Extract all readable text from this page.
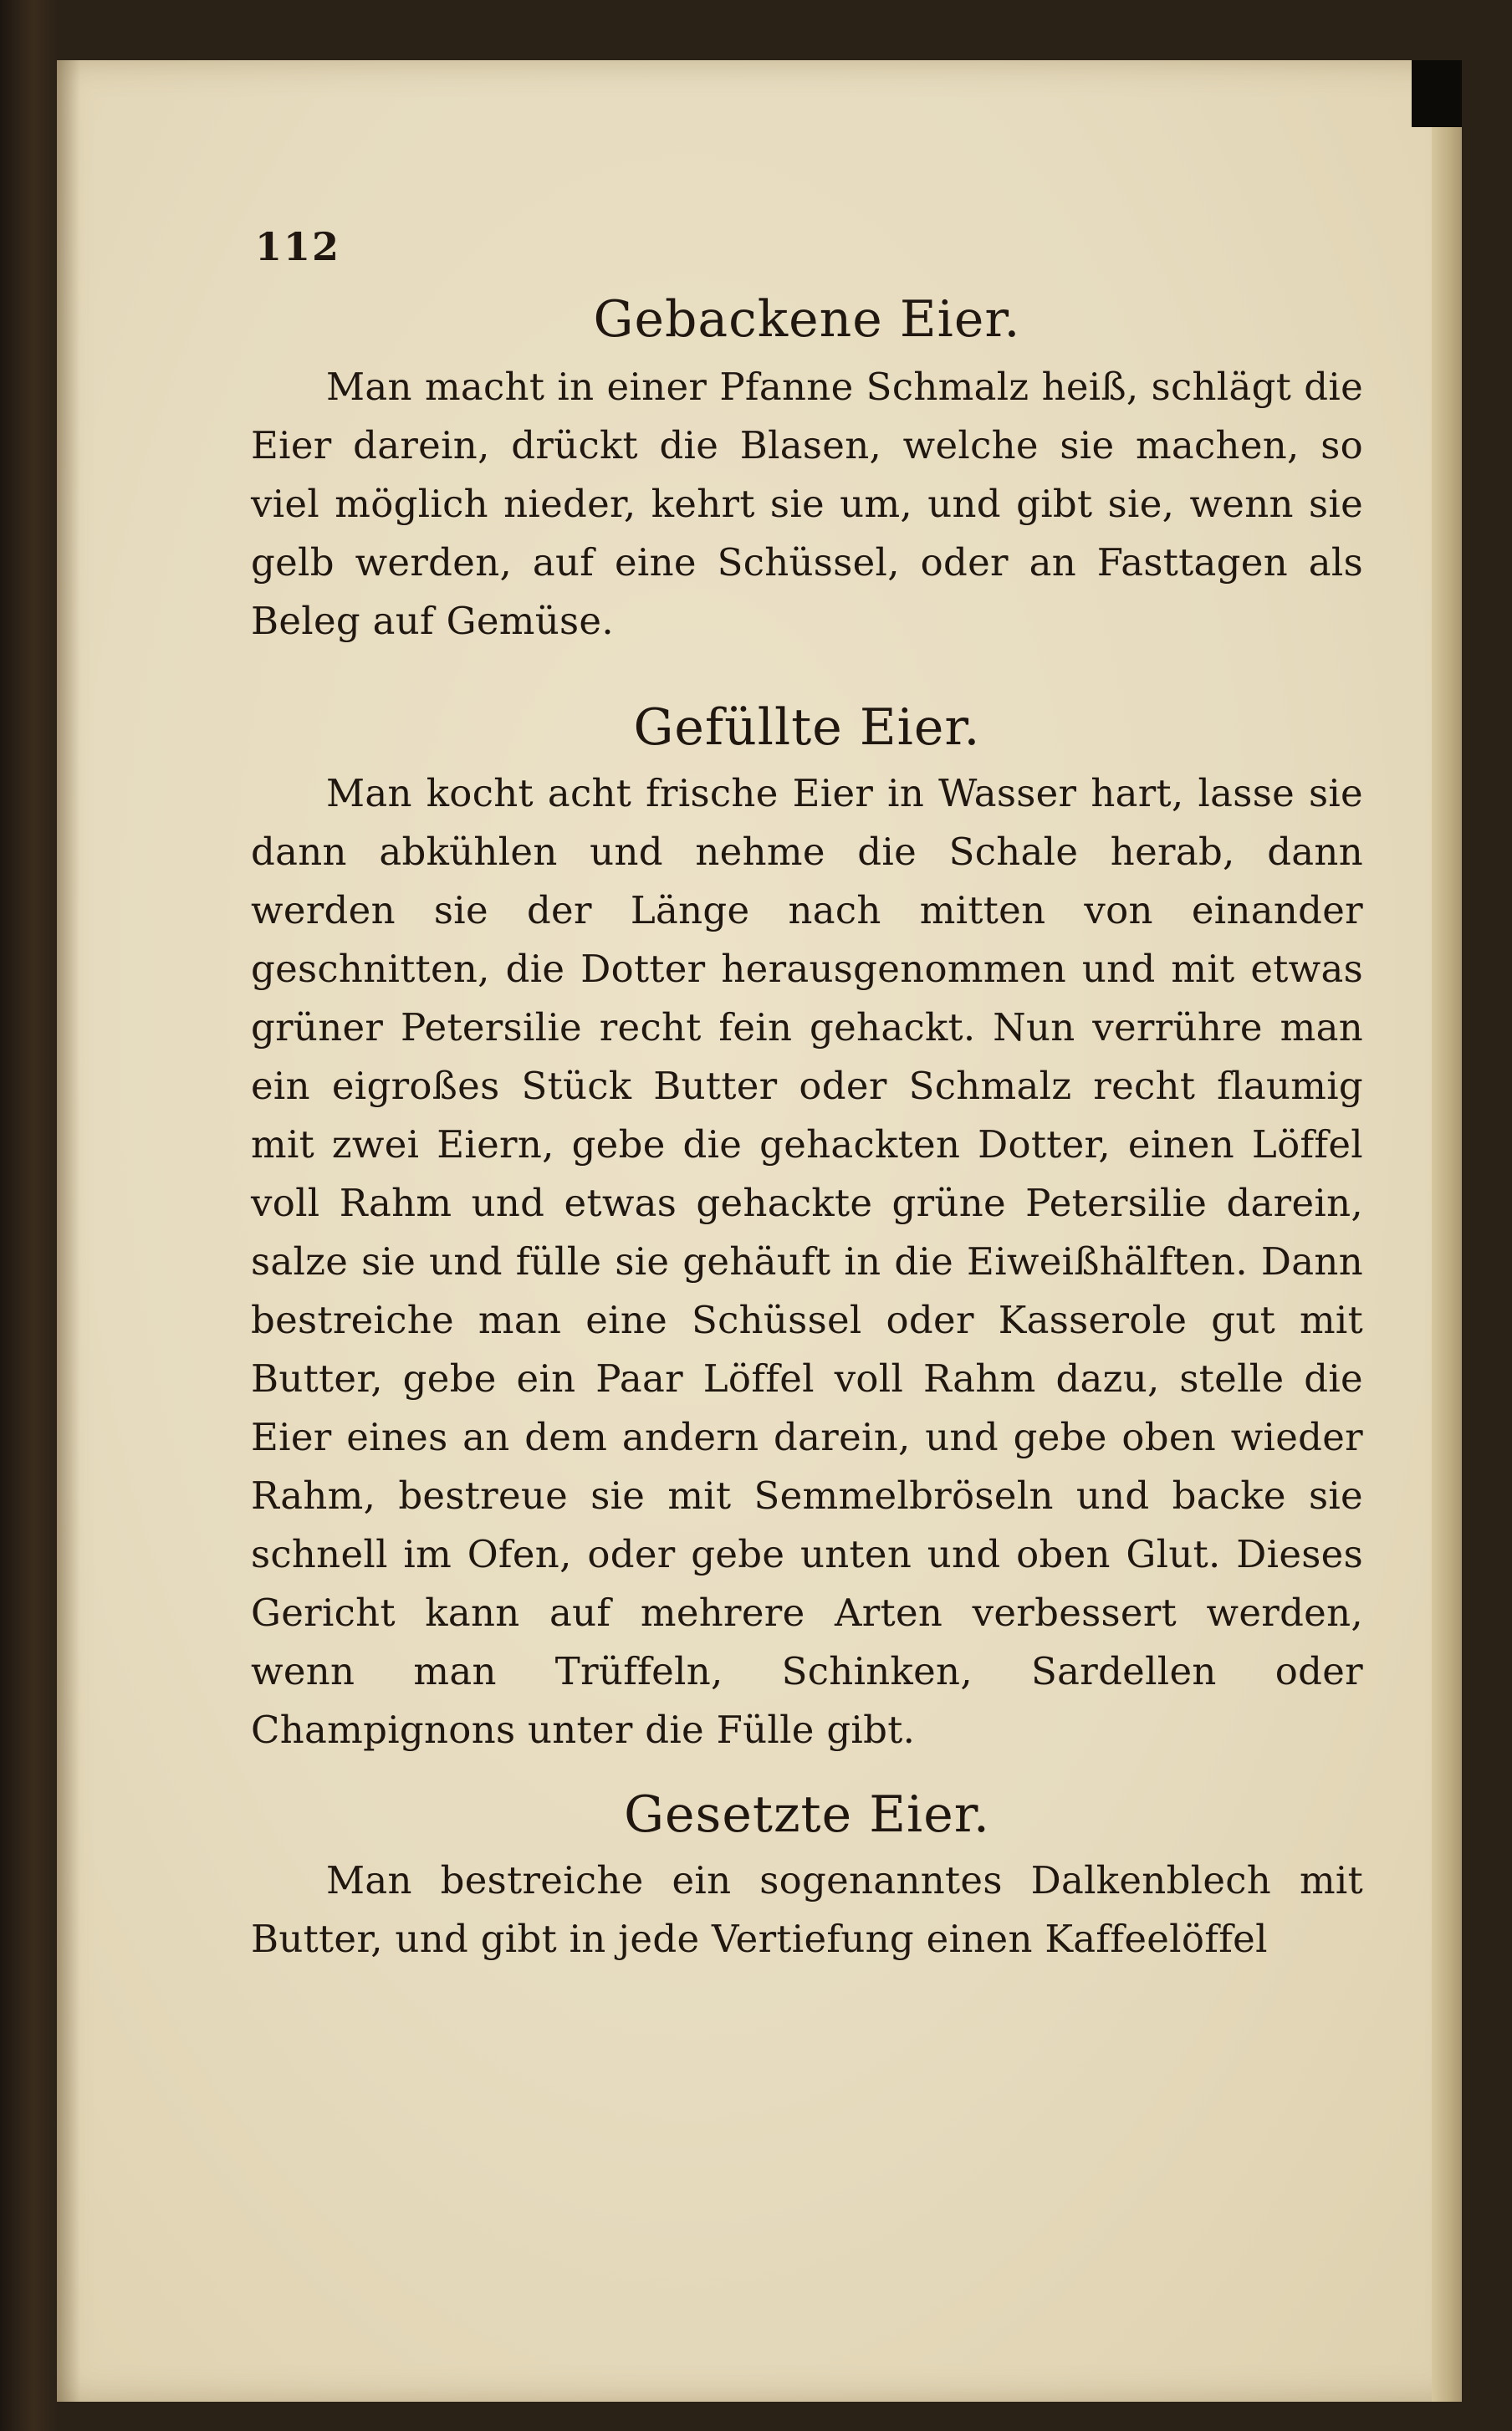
112
Gebackene Eier.

Man macht in einer Pfanne Schmalz heiß, schlägt die Eier darein, drückt die Blasen, welche sie machen, so viel möglich nieder, kehrt sie um, und gibt sie, wenn sie gelb werden, auf eine Schüssel, oder an Fasttagen als Beleg auf Gemüse.

Gefüllte Eier.

Man kocht acht frische Eier in Wasser hart, lasse sie dann abkühlen und nehme die Schale herab, dann werden sie der Länge nach mitten von einander geschnitten, die Dotter herausgenommen und mit etwas grüner Petersilie recht fein gehackt. Nun verrühre man ein eigroßes Stück Butter oder Schmalz recht flaumig mit zwei Eiern, gebe die gehackten Dotter, einen Löffel voll Rahm und etwas gehackte grüne Petersilie darein, salze sie und fülle sie gehäuft in die Eiweißhälften. Dann bestreiche man eine Schüssel oder Kasserole gut mit Butter, gebe ein Paar Löffel voll Rahm dazu, stelle die Eier eines an dem andern darein, und gebe oben wieder Rahm, bestreue sie mit Semmelbröseln und backe sie schnell im Ofen, oder gebe unten und oben Glut. Dieses Gericht kann auf mehrere Arten verbessert werden, wenn man Trüffeln, Schinken, Sardellen oder Champignons unter die Fülle gibt.

Gesetzte Eier.

Man bestreiche ein sogenanntes Dalkenblech mit Butter, und gibt in jede Vertiefung einen Kaffeelöffel
